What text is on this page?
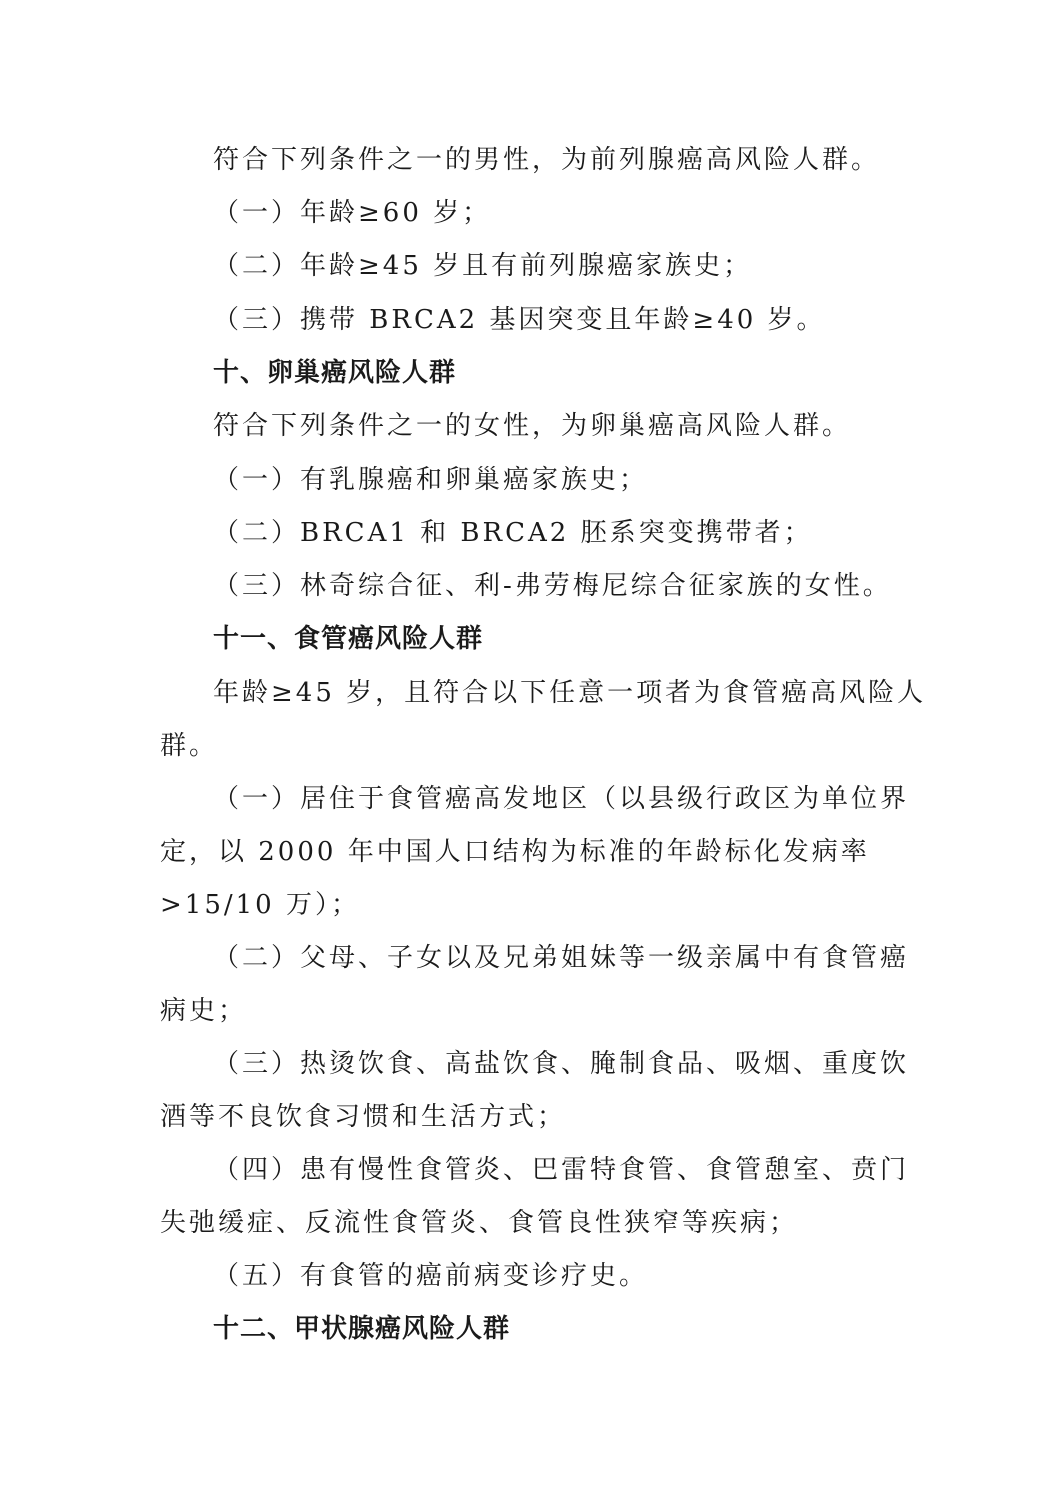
符合下列条件之一的男性，为前列腺癌高风险人群。
（一）年龄≥60 岁；
（二）年龄≥45 岁且有前列腺癌家族史；
（三）携带 BRCA2 基因突变且年龄≥40 岁。
十、卵巢癌风险人群
符合下列条件之一的女性，为卵巢癌高风险人群。
（一）有乳腺癌和卵巢癌家族史；
（二）BRCA1 和 BRCA2 胚系突变携带者；
（三）林奇综合征、利-弗劳梅尼综合征家族的女性。
十一、食管癌风险人群
年龄≥45 岁，且符合以下任意一项者为食管癌高风险人
群。
（一）居住于食管癌高发地区（以县级行政区为单位界
定，以 2000 年中国人口结构为标准的年龄标化发病率
>15/10 万）；
（二）父母、子女以及兄弟姐妹等一级亲属中有食管癌
病史；
（三）热烫饮食、高盐饮食、腌制食品、吸烟、重度饮
酒等不良饮食习惯和生活方式；
（四）患有慢性食管炎、巴雷特食管、食管憩室、贲门
失弛缓症、反流性食管炎、食管良性狭窄等疾病；
（五）有食管的癌前病变诊疗史。
十二、甲状腺癌风险人群
